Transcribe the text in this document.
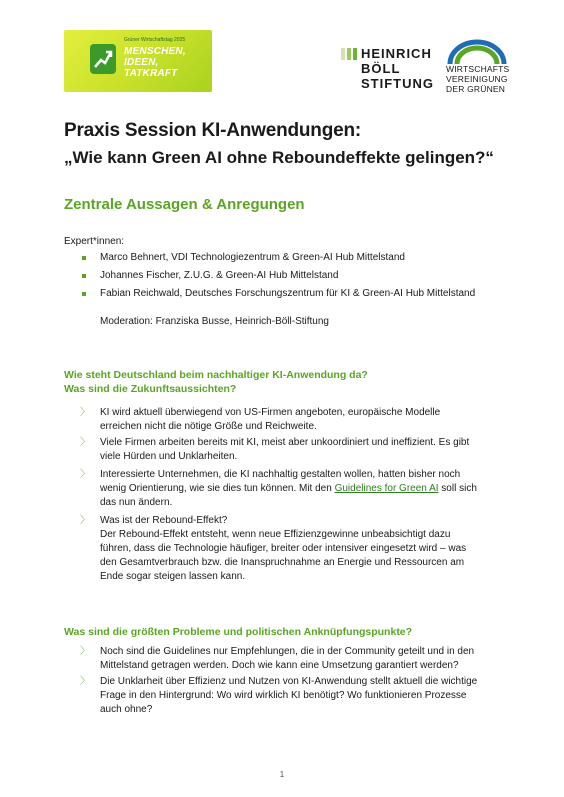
Grüner Wirtschaftstag 2025
MENSCHEN,
IDEEN,
TATKRAFT
HEINRICH
BÖLL
STIFTUNG
WIRTSCHAFTS
VEREINIGUNG
DER GRÜNEN
Praxis Session KI-Anwendungen:
„Wie kann Green AI ohne Reboundeffekte gelingen?“
Zentrale Aussagen & Anregungen
Expert*innen:
Marco Behnert, VDI Technologiezentrum & Green-AI Hub Mittelstand
Johannes Fischer, Z.U.G. & Green-AI Hub Mittelstand
Fabian Reichwald, Deutsches Forschungszentrum für KI & Green-AI Hub Mittelstand
Moderation: Franziska Busse, Heinrich-Böll-Stiftung
Wie steht Deutschland beim nachhaltiger KI-Anwendung da?
Was sind die Zukunftsaussichten?
〉 KI wird aktuell überwiegend von US-Firmen angeboten, europäische Modelle
erreichen nicht die nötige Größe und Reichweite.

〉 Viele Firmen arbeiten bereits mit KI, meist aber unkoordiniert und ineffizient. Es gibt
viele Hürden und Unklarheiten.

〉 Interessierte Unternehmen, die KI nachhaltig gestalten wollen, hatten bisher noch
wenig Orientierung, wie sie dies tun können. Mit den Guidelines for Green AI soll sich
das nun ändern.

〉 Was ist der Rebound-Effekt?
Der Rebound-Effekt entsteht, wenn neue Effizienzgewinne unbeabsichtigt dazu
führen, dass die Technologie häufiger, breiter oder intensiver eingesetzt wird – was
den Gesamtverbrauch bzw. die Inanspruchnahme an Energie und Ressourcen am
Ende sogar steigen lassen kann.

Was sind die größten Probleme und politischen Anknüpfungspunkte?
〉 Noch sind die Guidelines nur Empfehlungen, die in der Community geteilt und in den
Mittelstand getragen werden. Doch wie kann eine Umsetzung garantiert werden?

〉 Die Unklarheit über Effizienz und Nutzen von KI-Anwendung stellt aktuell die wichtige
Frage in den Hintergrund: Wo wird wirklich KI benötigt? Wo funktionieren Prozesse
auch ohne?

1
